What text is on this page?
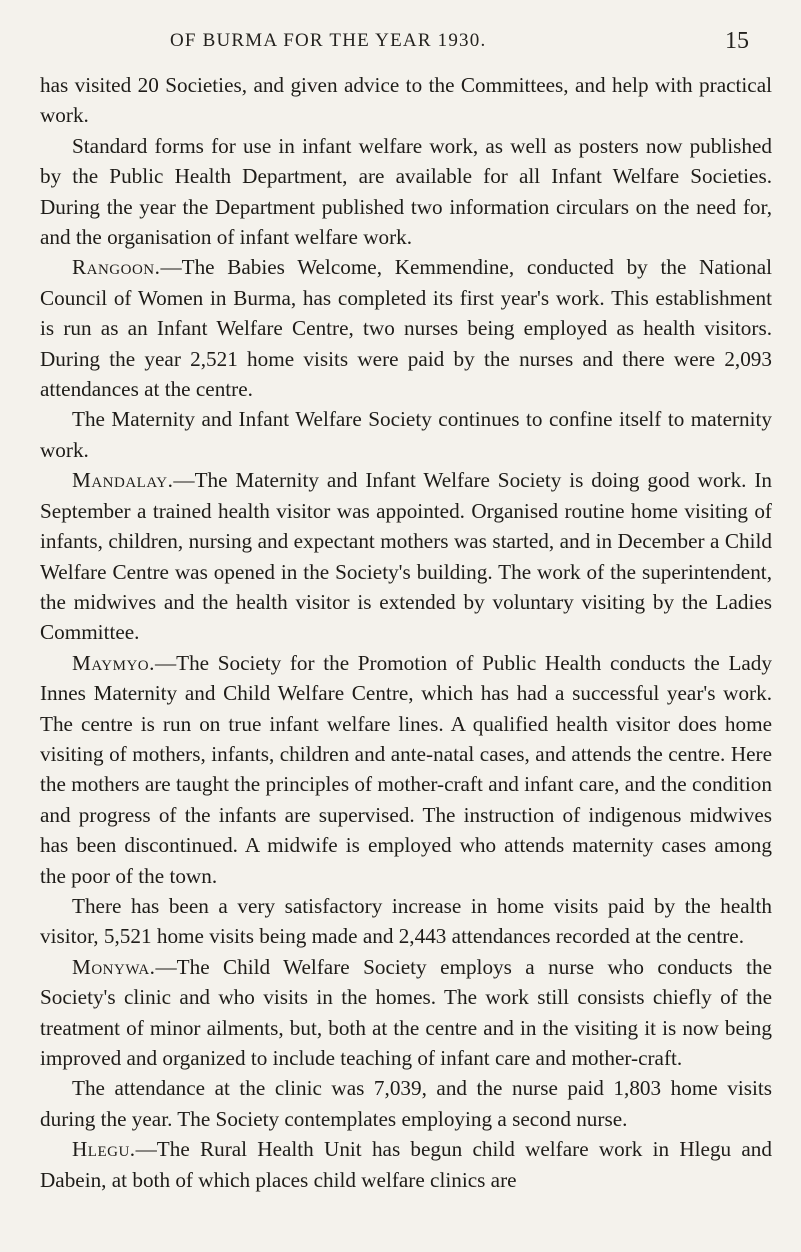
OF BURMA FOR THE YEAR 1930.	15

has visited 20 Societies, and given advice to the Committees, and help with practical work.

Standard forms for use in infant welfare work, as well as posters now published by the Public Health Department, are available for all Infant Welfare Societies. During the year the Department published two information circulars on the need for, and the organisation of infant welfare work.

Rangoon.—The Babies Welcome, Kemmendine, conducted by the National Council of Women in Burma, has completed its first year's work. This establishment is run as an Infant Welfare Centre, two nurses being employed as health visitors. During the year 2,521 home visits were paid by the nurses and there were 2,093 attendances at the centre.

The Maternity and Infant Welfare Society continues to confine itself to maternity work.

Mandalay.—The Maternity and Infant Welfare Society is doing good work. In September a trained health visitor was appointed. Organised routine home visiting of infants, children, nursing and expectant mothers was started, and in December a Child Welfare Centre was opened in the Society's building. The work of the superintendent, the midwives and the health visitor is extended by voluntary visiting by the Ladies Committee.

Maymyo.—The Society for the Promotion of Public Health conducts the Lady Innes Maternity and Child Welfare Centre, which has had a successful year's work. The centre is run on true infant welfare lines. A qualified health visitor does home visiting of mothers, infants, children and ante-natal cases, and attends the centre. Here the mothers are taught the principles of mother-craft and infant care, and the condition and progress of the infants are supervised. The instruction of indigenous midwives has been discontinued. A midwife is employed who attends maternity cases among the poor of the town.

There has been a very satisfactory increase in home visits paid by the health visitor, 5,521 home visits being made and 2,443 attendances recorded at the centre.

Monywa.—The Child Welfare Society employs a nurse who conducts the Society's clinic and who visits in the homes. The work still consists chiefly of the treatment of minor ailments, but, both at the centre and in the visiting it is now being improved and organized to include teaching of infant care and mother-craft.

The attendance at the clinic was 7,039, and the nurse paid 1,803 home visits during the year. The Society contemplates employing a second nurse.

Hlegu.—The Rural Health Unit has begun child welfare work in Hlegu and Dabein, at both of which places child welfare clinics are
